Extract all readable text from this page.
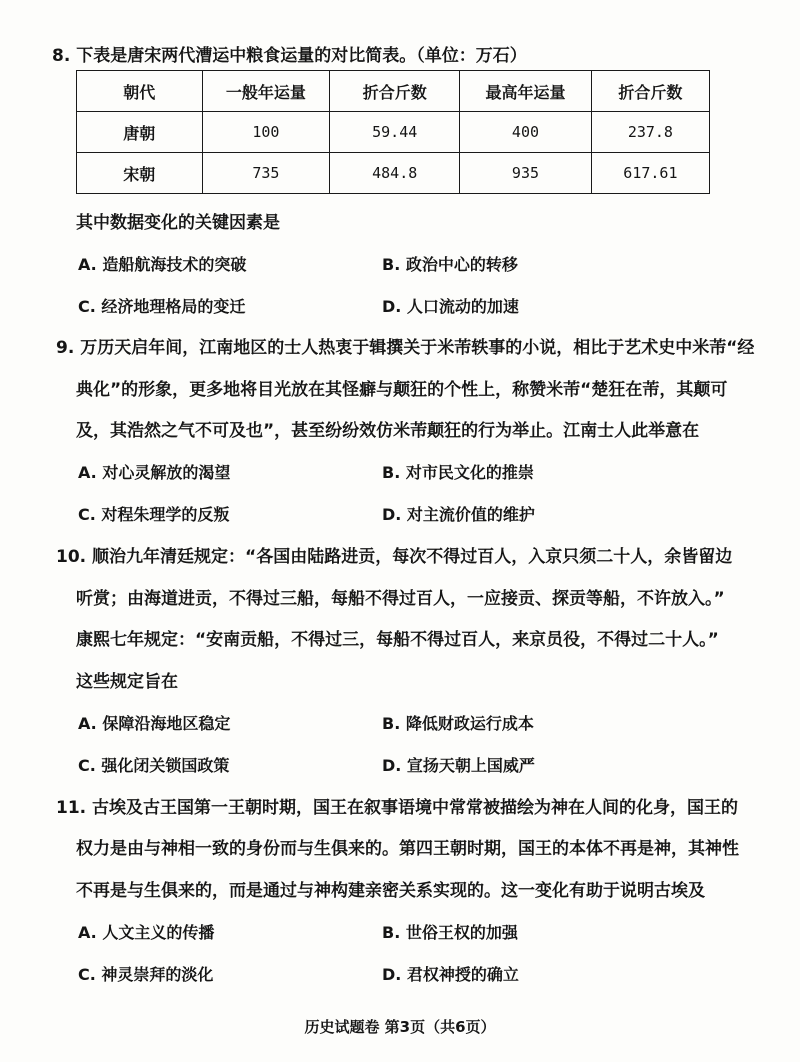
8. 下表是唐宋两代漕运中粮食运量的对比简表。（单位：万石）
朝代	一般年运量	折合斤数	最高年运量	折合斤数
唐朝	100	59.44	400	237.8
宋朝	735	484.8	935	617.61
其中数据变化的关键因素是
A. 造船航海技术的突破	B. 政治中心的转移
C. 经济地理格局的变迁	D. 人口流动的加速
9. 万历天启年间，江南地区的士人热衷于辑撰关于米芾轶事的小说，相比于艺术史中米芾“经
典化”的形象，更多地将目光放在其怪癖与颠狂的个性上，称赞米芾“楚狂在芾，其颠可
及，其浩然之气不可及也”，甚至纷纷效仿米芾颠狂的行为举止。江南士人此举意在
A. 对心灵解放的渴望	B. 对市民文化的推崇
C. 对程朱理学的反叛	D. 对主流价值的维护
10. 顺治九年清廷规定：“各国由陆路进贡，每次不得过百人，入京只须二十人，余皆留边
听赏；由海道进贡，不得过三船，每船不得过百人，一应接贡、探贡等船，不许放入。”
康熙七年规定：“安南贡船，不得过三，每船不得过百人，来京员役，不得过二十人。”
这些规定旨在
A. 保障沿海地区稳定	B. 降低财政运行成本
C. 强化闭关锁国政策	D. 宣扬天朝上国威严
11. 古埃及古王国第一王朝时期，国王在叙事语境中常常被描绘为神在人间的化身，国王的
权力是由与神相一致的身份而与生俱来的。第四王朝时期，国王的本体不再是神，其神性
不再是与生俱来的，而是通过与神构建亲密关系实现的。这一变化有助于说明古埃及
A. 人文主义的传播	B. 世俗王权的加强
C. 神灵崇拜的淡化	D. 君权神授的确立
历史试题卷 第3页（共6页）
